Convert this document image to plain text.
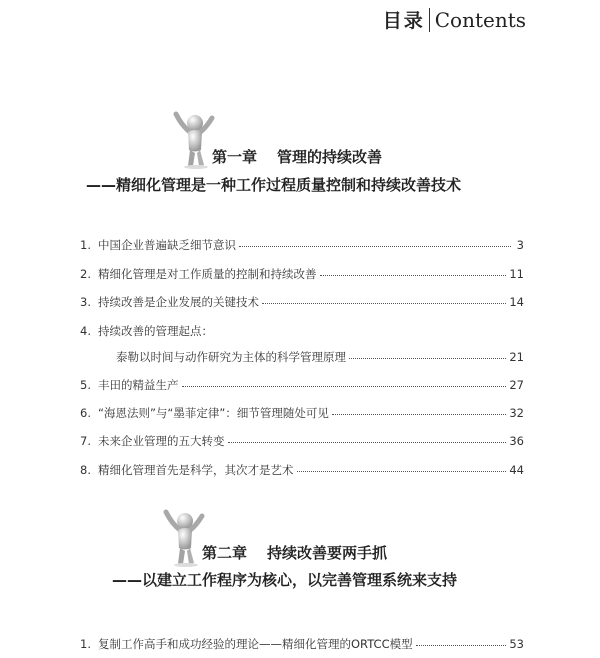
目录 Contents
第一章 管理的持续改善
——精细化管理是一种工作过程质量控制和持续改善技术
1. 中国企业普遍缺乏细节意识	3
2. 精细化管理是对工作质量的控制和持续改善	11
3. 持续改善是企业发展的关键技术	14
4. 持续改善的管理起点：
泰勒以时间与动作研究为主体的科学管理原理	21
5. 丰田的精益生产	27
6. “海恩法则”与“墨菲定律”：细节管理随处可见	32
7. 未来企业管理的五大转变	36
8. 精细化管理首先是科学，其次才是艺术	44
第二章 持续改善要两手抓
——以建立工作程序为核心，以完善管理系统来支持
1. 复制工作高手和成功经验的理论——精细化管理的ORTCC模型	53
